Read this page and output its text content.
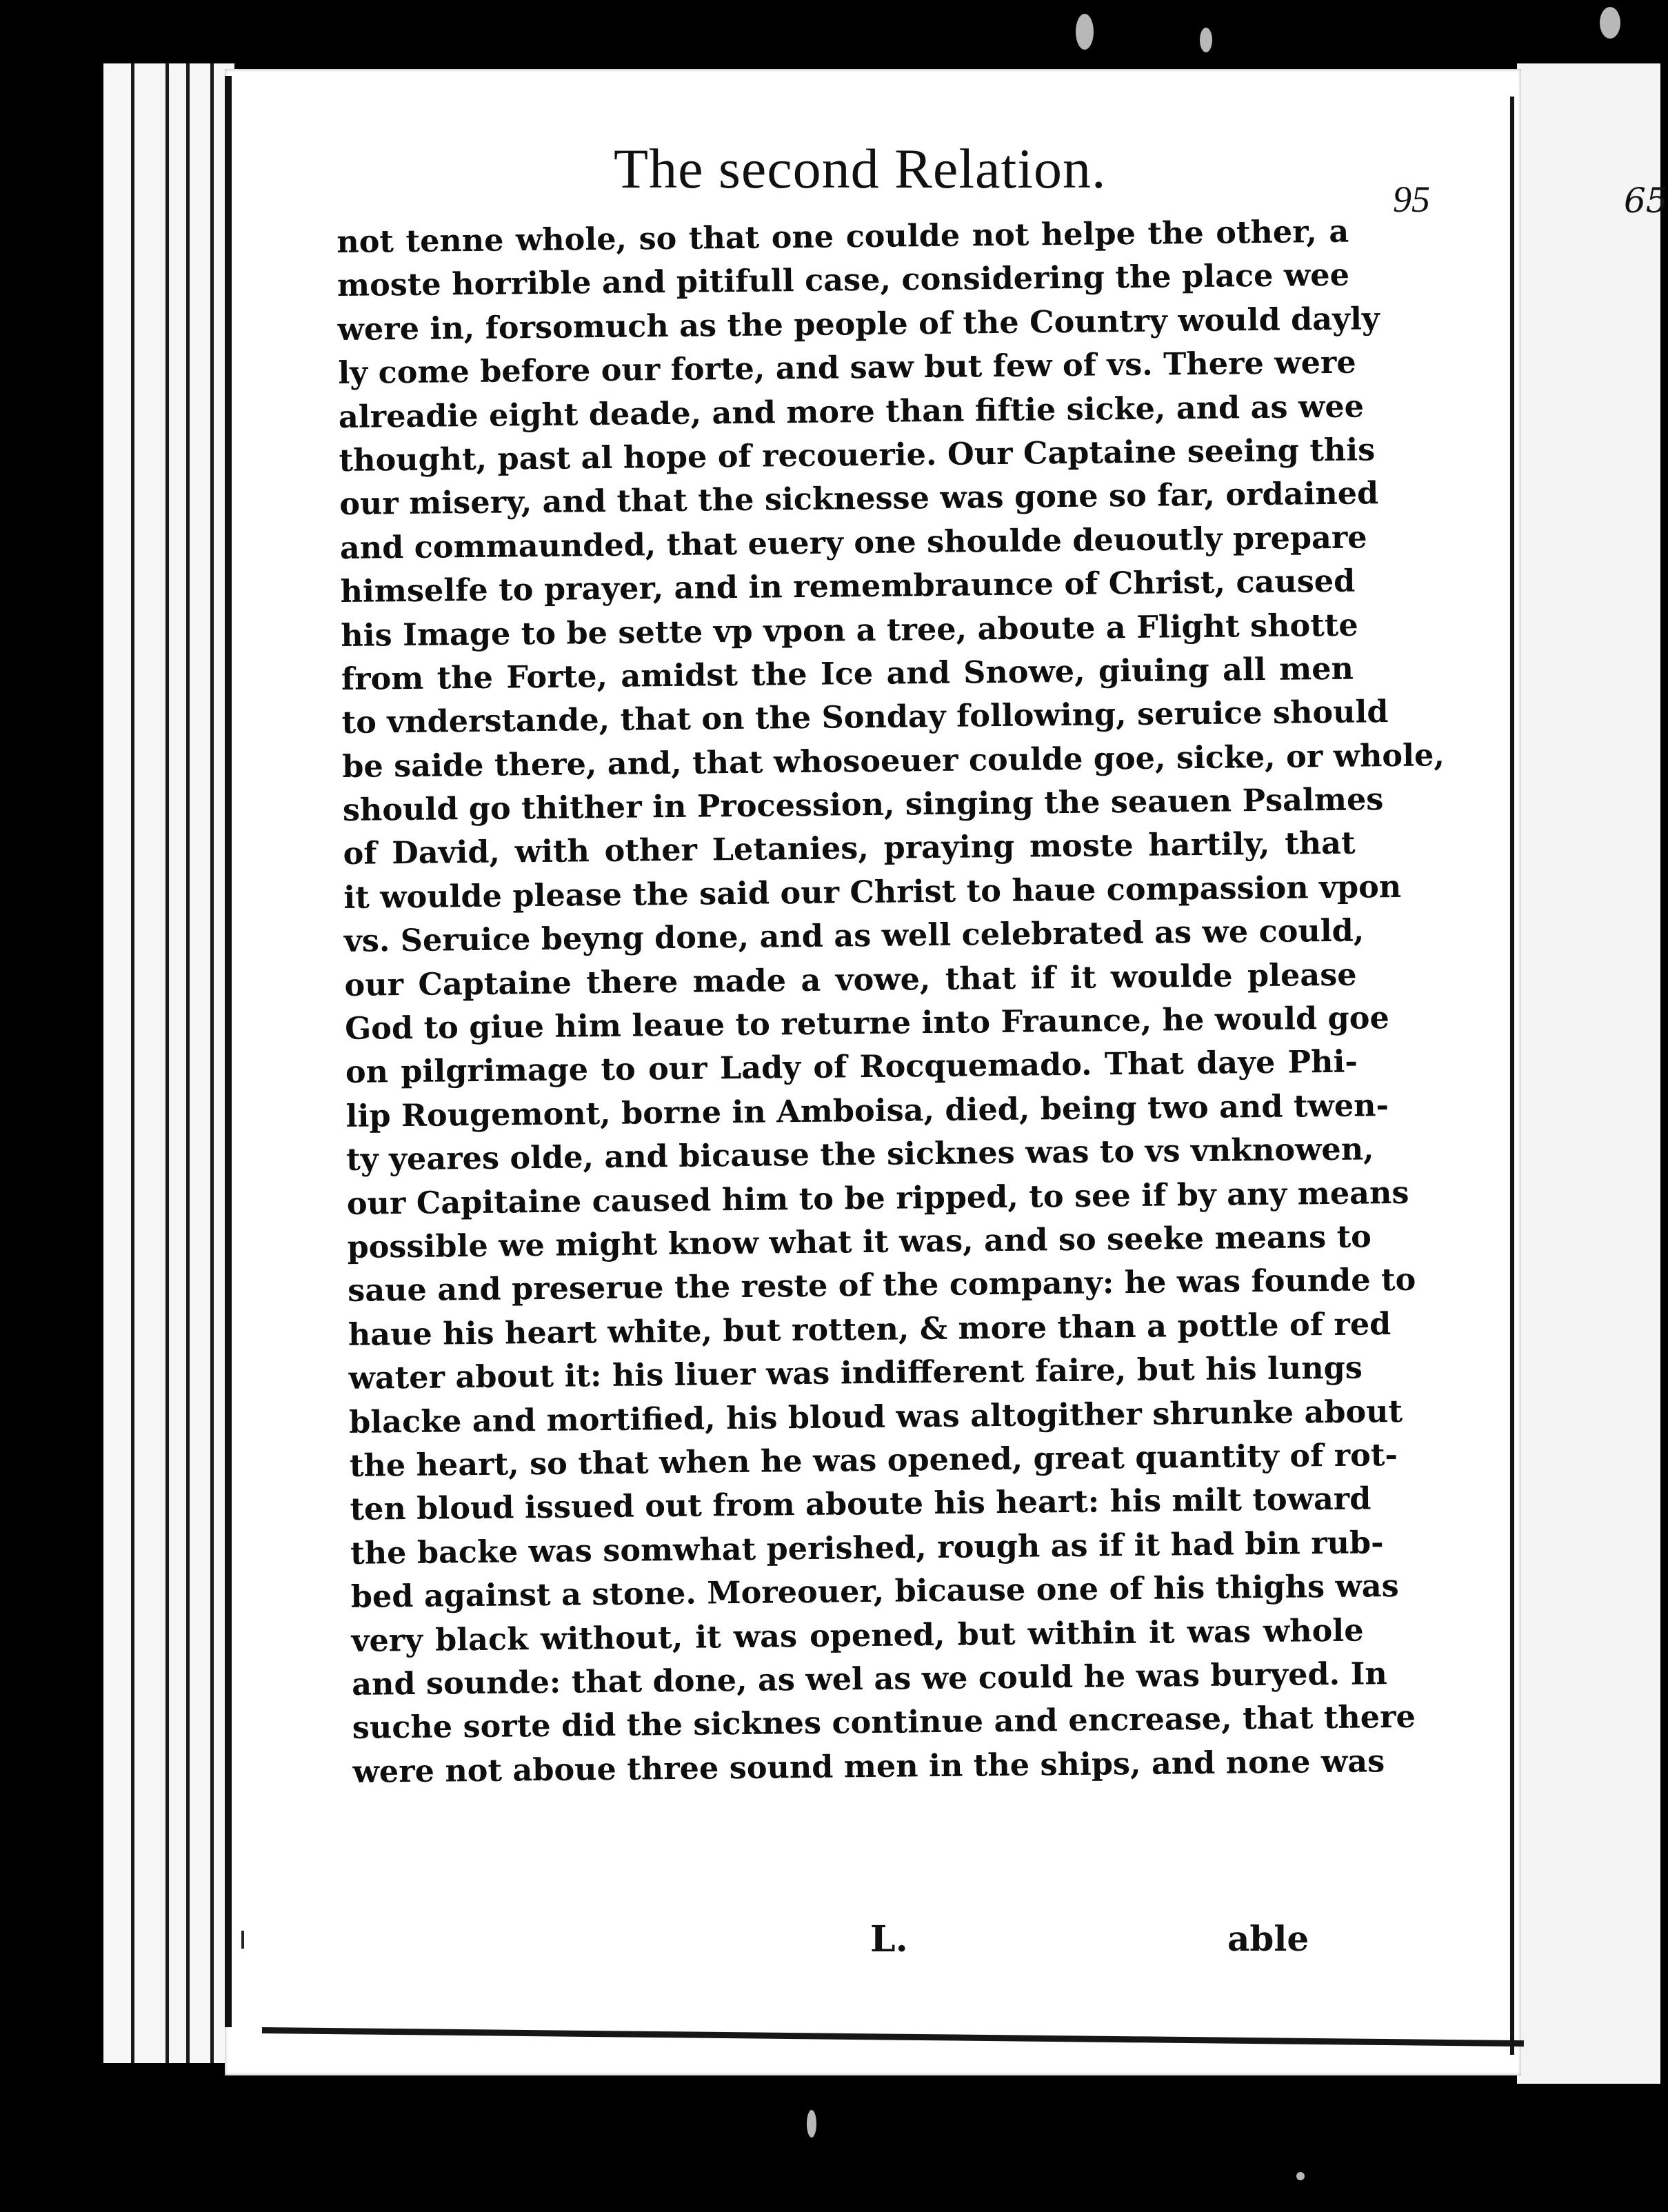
65
The second Relation.	95
not tenne whole, so that one coulde not helpe the other, a
moste horrible and pitifull case, considering the place wee
were in, forsomuch as the people of the Country would dayly
ly come before our forte, and saw but few of vs. There were
alreadie eight deade, and more than fiftie sicke, and as wee
thought, past al hope of recouerie. Our Captaine seeing this
our misery, and that the sicknesse was gone so far, ordained
and commaunded, that euery one shoulde deuoutly prepare
himselfe to prayer, and in remembraunce of Christ, caused
his Image to be sette vp vpon a tree, aboute a Flight shotte
from the Forte, amidst the Ice and Snowe, giuing all men
to vnderstande, that on the Sonday following, seruice should
be saide there, and, that whosoeuer coulde goe, sicke, or whole,
should go thither in Procession, singing the seauen Psalmes
of David, with other Letanies, praying moste hartily, that
it woulde please the said our Christ to haue compassion vpon
vs. Seruice beyng done, and as well celebrated as we could,
our Captaine there made a vowe, that if it woulde please
God to giue him leaue to returne into Fraunce, he would goe
on pilgrimage to our Lady of Rocquemado. That daye Phi-
lip Rougemont, borne in Amboisa, died, being two and twen-
ty yeares olde, and bicause the sicknes was to vs vnknowen,
our Capitaine caused him to be ripped, to see if by any means
possible we might know what it was, and so seeke means to
saue and preserue the reste of the company: he was founde to
haue his heart white, but rotten, & more than a pottle of red
water about it: his liuer was indifferent faire, but his lungs
blacke and mortified, his bloud was altogither shrunke about
the heart, so that when he was opened, great quantity of rot-
ten bloud issued out from aboute his heart: his milt toward
the backe was somwhat perished, rough as if it had bin rub-
bed against a stone. Moreouer, bicause one of his thighs was
very black without, it was opened, but within it was whole
and sounde: that done, as wel as we could he was buryed. In
suche sorte did the sicknes continue and encrease, that there
were not aboue three sound men in the ships, and none was
L.	able
